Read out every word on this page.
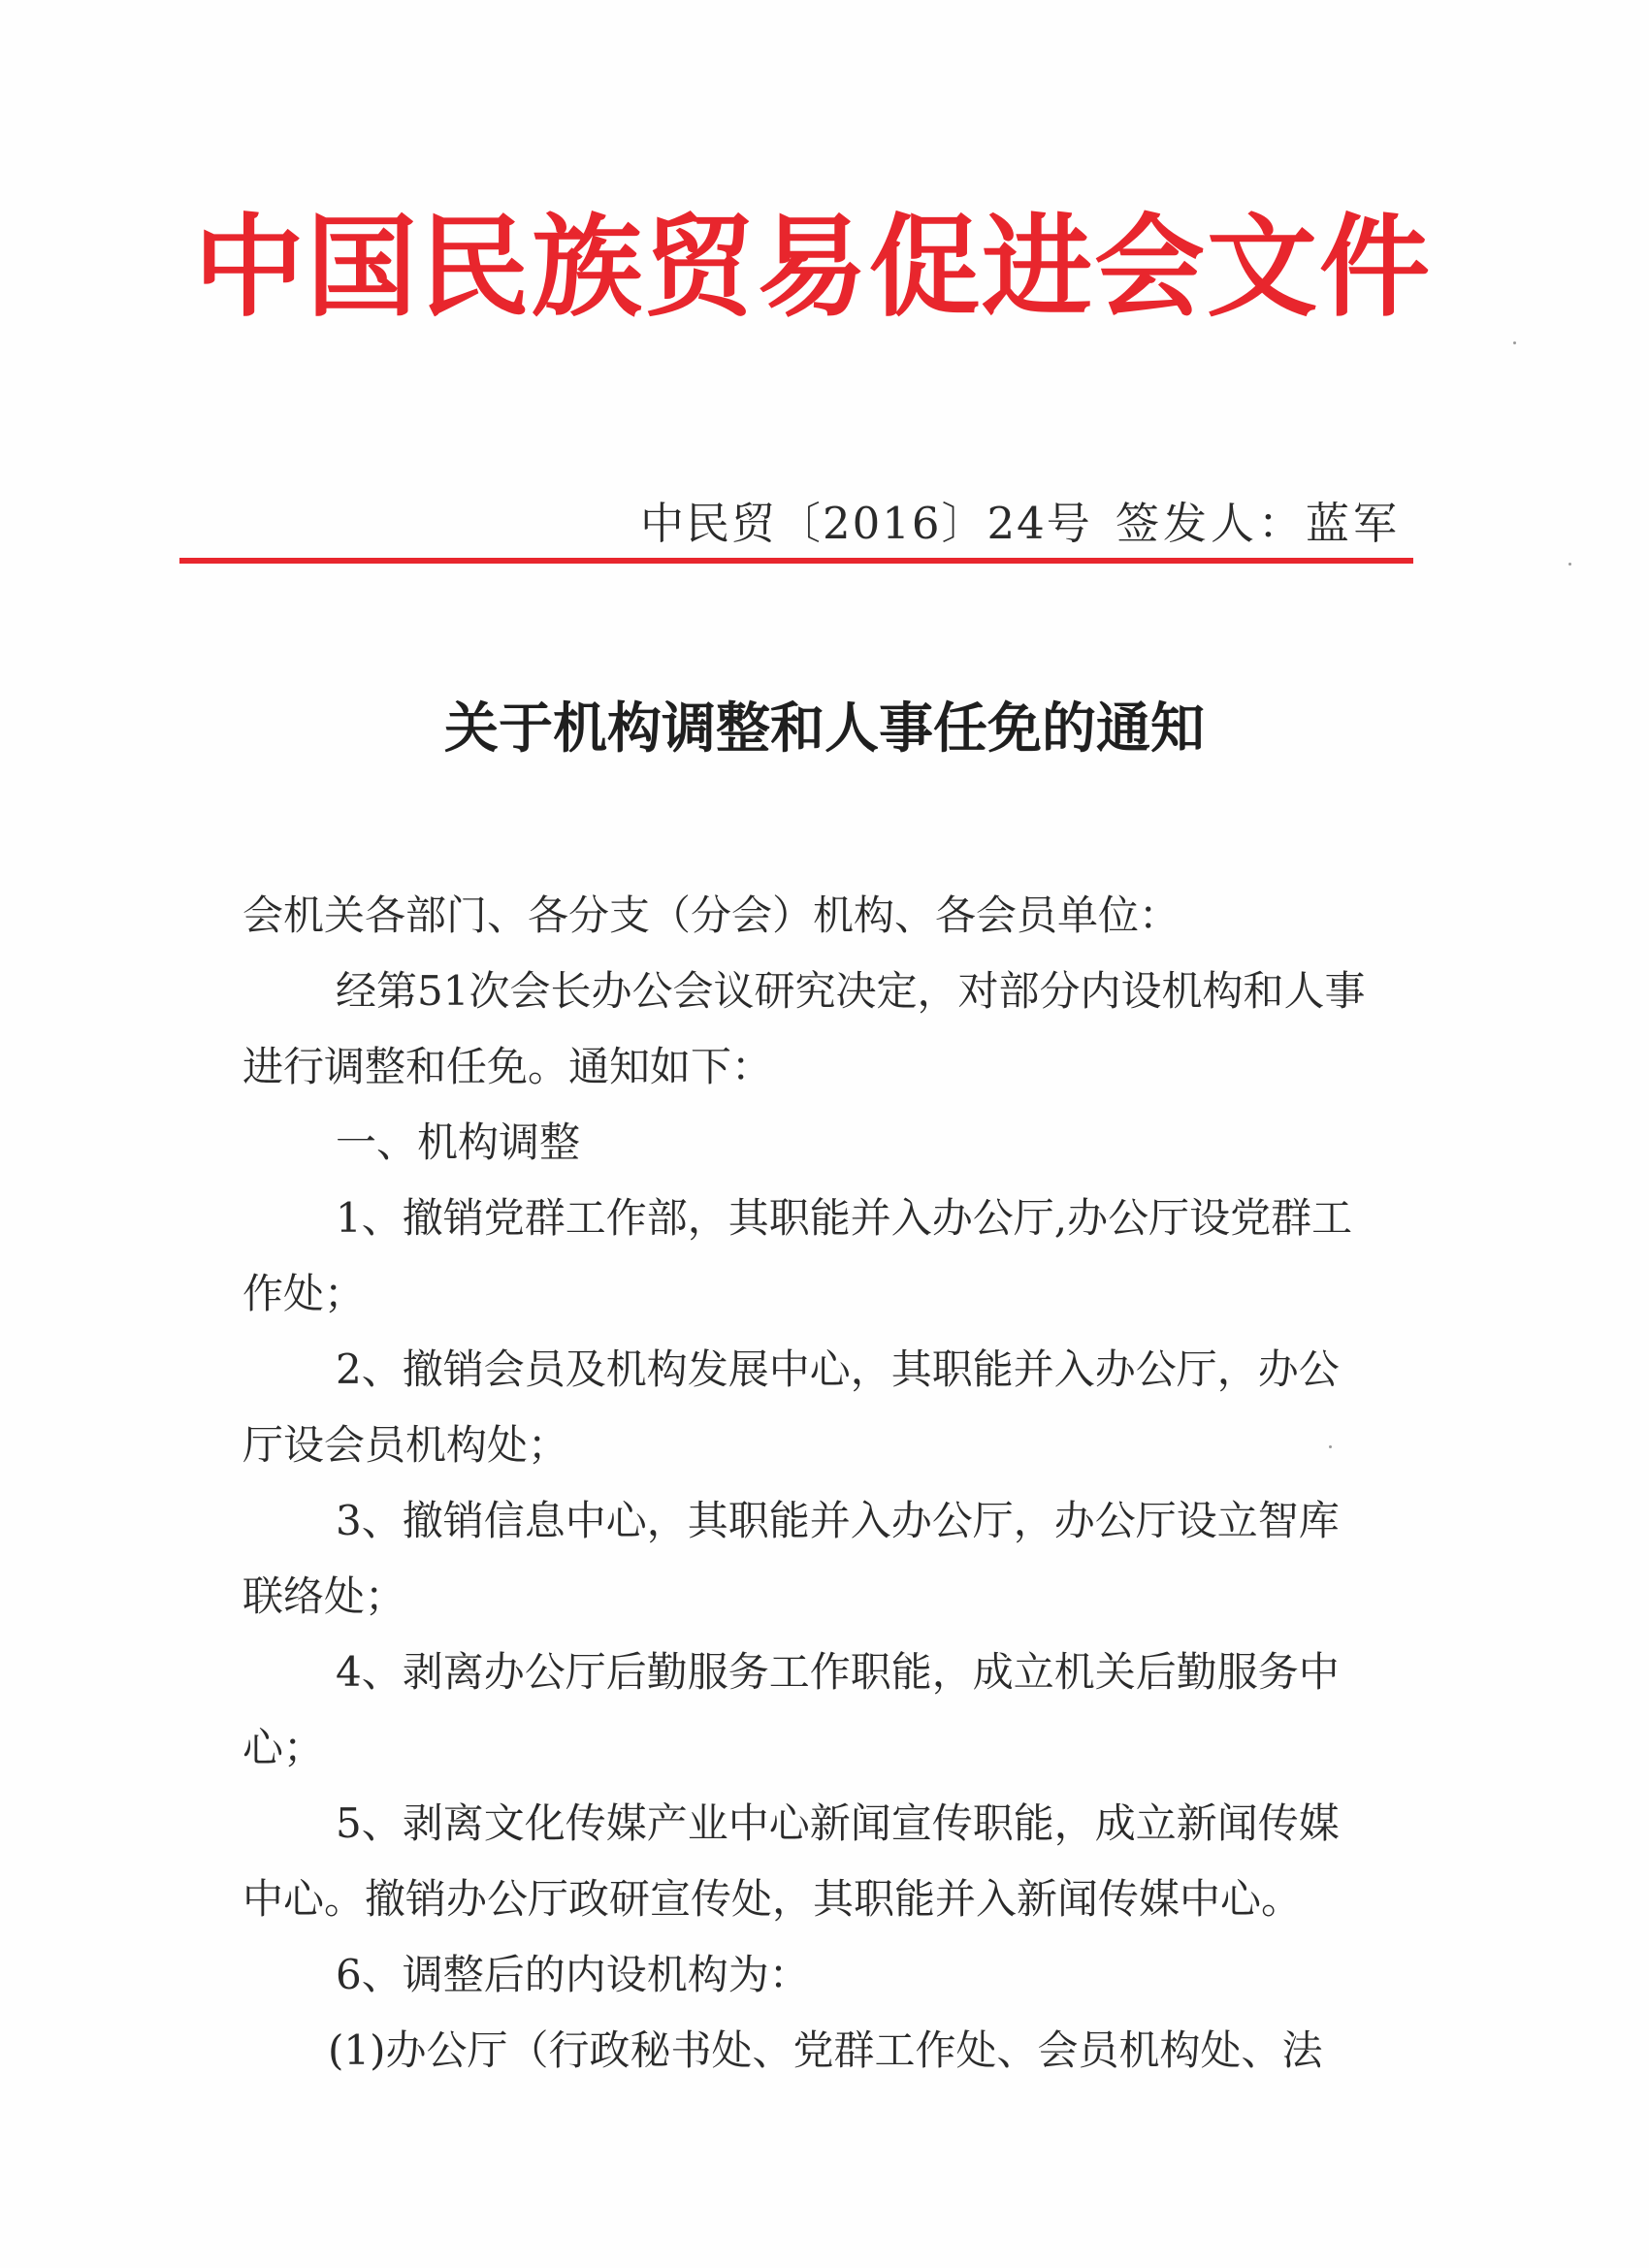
中国民族贸易促进会文件
中民贸〔2016〕24号 签发人：蓝军
关于机构调整和人事任免的通知

会机关各部门、各分支（分会）机构、各会员单位：

经第51次会长办公会议研究决定，对部分内设机构和人事进行调整和任免。通知如下：

一、机构调整

1、撤销党群工作部，其职能并入办公厅,办公厅设党群工作处；

2、撤销会员及机构发展中心，其职能并入办公厅，办公厅设会员机构处；

3、撤销信息中心，其职能并入办公厅，办公厅设立智库联络处；

4、剥离办公厅后勤服务工作职能，成立机关后勤服务中心；

5、剥离文化传媒产业中心新闻宣传职能，成立新闻传媒中心。撤销办公厅政研宣传处，其职能并入新闻传媒中心。

6、调整后的内设机构为：

(1)办公厅（行政秘书处、党群工作处、会员机构处、法
